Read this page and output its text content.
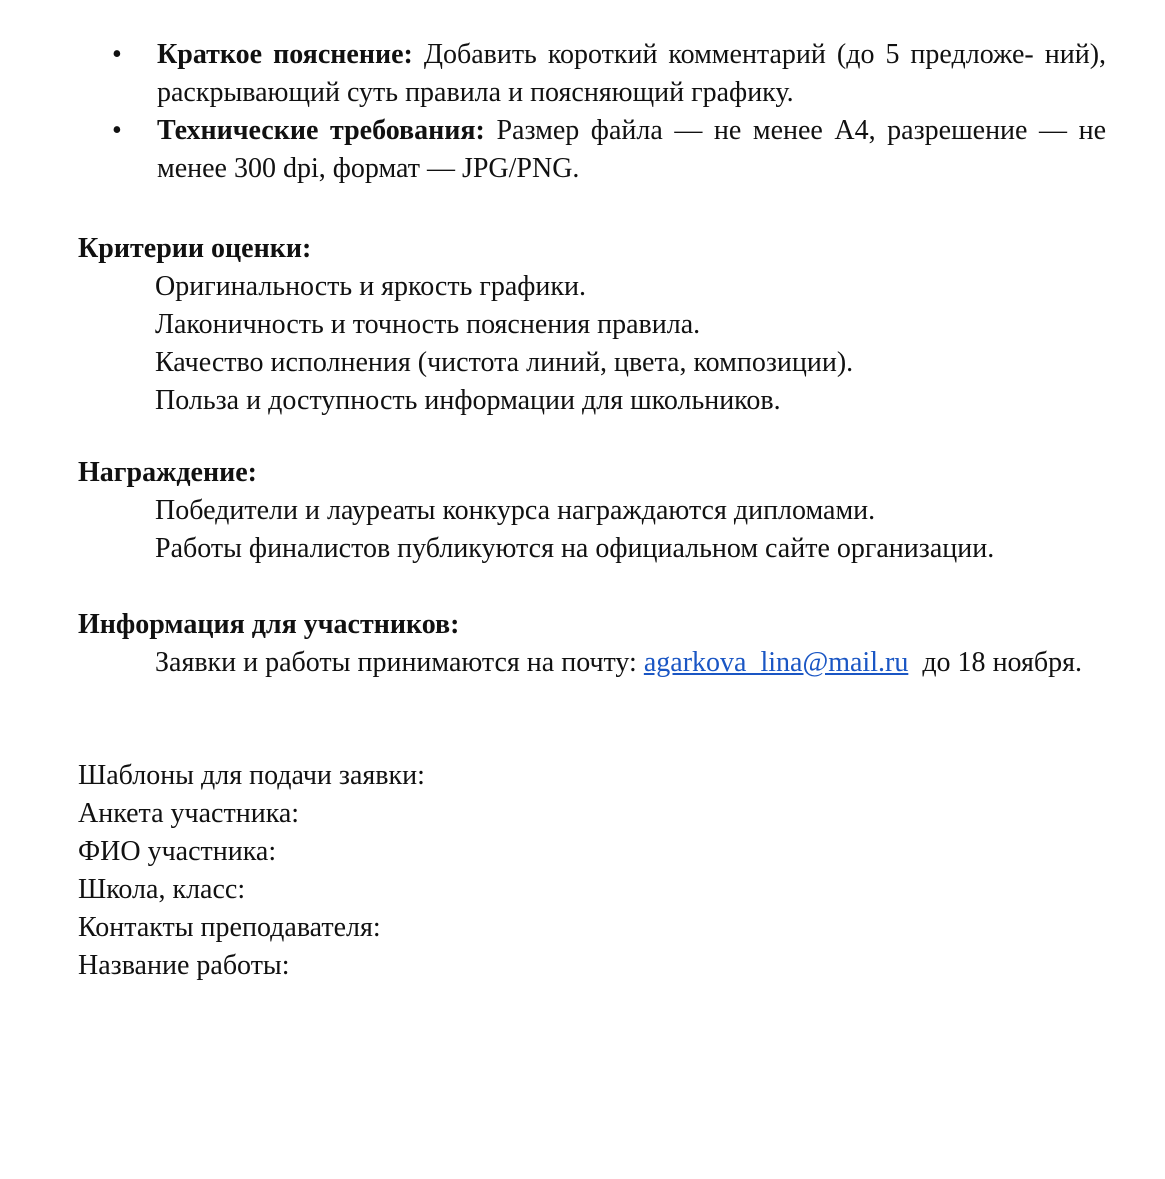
• Краткое пояснение: Добавить короткий комментарий (до 5 предложе- ний), раскрывающий суть правила и поясняющий графику.
• Технические требования: Размер файла — не менее А4, разрешение — не менее 300 dpi, формат — JPG/PNG.

Критерии оценки:

Оригинальность и яркость графики.

Лаконичность и точность пояснения правила.

Качество исполнения (чистота линий, цвета, композиции).

Польза и доступность информации для школьников.

Награждение:

Победители и лауреаты конкурса награждаются дипломами.

Работы финалистов публикуются на официальном сайте организации.

Информация для участников:

Заявки и работы принимаются на почту: agarkova_lina@mail.ru до 18 ноября.

Шаблоны для подачи заявки:

Анкета участника:

ФИО участника:

Школа, класс:

Контакты преподавателя:

Название работы:
